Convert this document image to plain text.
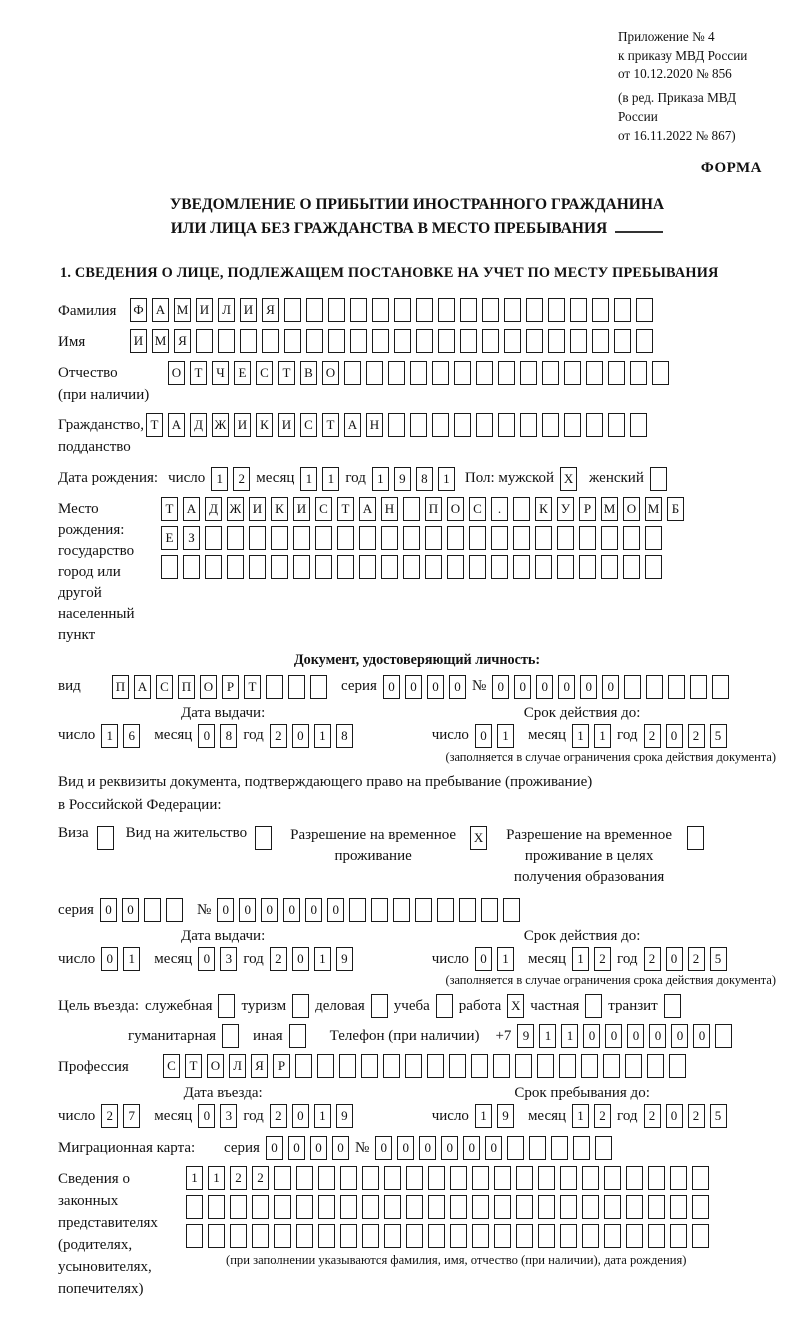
Приложение № 4
к приказу МВД России
от 10.12.2020 № 856
(в ред. Приказа МВД России
от 16.11.2022 № 867)
ФОРМА
УВЕДОМЛЕНИЕ О ПРИБЫТИИ ИНОСТРАННОГО ГРАЖДАНИНА
ИЛИ ЛИЦА БЕЗ ГРАЖДАНСТВА В МЕСТО ПРЕБЫВАНИЯ
1. СВЕДЕНИЯ О ЛИЦЕ, ПОДЛЕЖАЩЕМ ПОСТАНОВКЕ НА УЧЕТ ПО МЕСТУ ПРЕБЫВАНИЯ
Фамилия	Ф А М И Л И Я
Имя	И М Я
Отчество
(при наличии)
О	Т	Ч	Е	С	Т	В О
Гражданство,
подданство
Т	А Д Ж И К И С	Т	А Н
Дата рождения: число 1	2 месяц 1	1 год 1	9	8	1	Пол: мужской X женский
Место рождения:
государство
город или другой
населенный пункт
Т	А Д Ж И К И С	Т	А Н	П О С	.	К	У	Р М О М Б
Е	З
Документ, удостоверяющий личность:
вид	П А С П О	Р	Т	серия 0	0	0	0 № 0	0	0	0	0	0
Дата выдачи:
число 1	6	месяц 0	8 год 2	0	1	8
Срок действия до:
число 0	1	месяц 1	1 год 2	0	2	5
(заполняется в случае ограничения срока действия документа)
Вид и реквизиты документа, подтверждающего право на пребывание (проживание)
в Российской Федерации:
Виза Вид на жительство	Разрешение на временное проживание
X	Разрешение на временное проживание в целях получения образования
серия 0	0	№ 0	0	0	0	0	0
Дата выдачи:
число 0	1	месяц 0	3 год 2	0	1	9
Срок действия до:
число 0	1	месяц 1	2 год 2	0	2	5
(заполняется в случае ограничения срока действия документа)
Цель въезда: служебная туризм деловая учеба работа X частная транзит
гуманитарная иная	Телефон (при наличии) +7 9	1	1	0	0	0	0	0	0
Профессия	С	Т	О Л	Я	Р
Дата въезда:
число 2	7	месяц 0	3 год 2	0	1	9
Срок пребывания до:
число 1	9	месяц 1	2 год 2	0	2	5
Миграционная карта:	серия 0	0	0	0 № 0	0	0	0	0	0
Сведения о
законных
представителях
(родителях,
усыновителях,
попечителях)
1	1	2	2
(при заполнении указываются фамилия, имя, отчество (при наличии), дата рождения)
